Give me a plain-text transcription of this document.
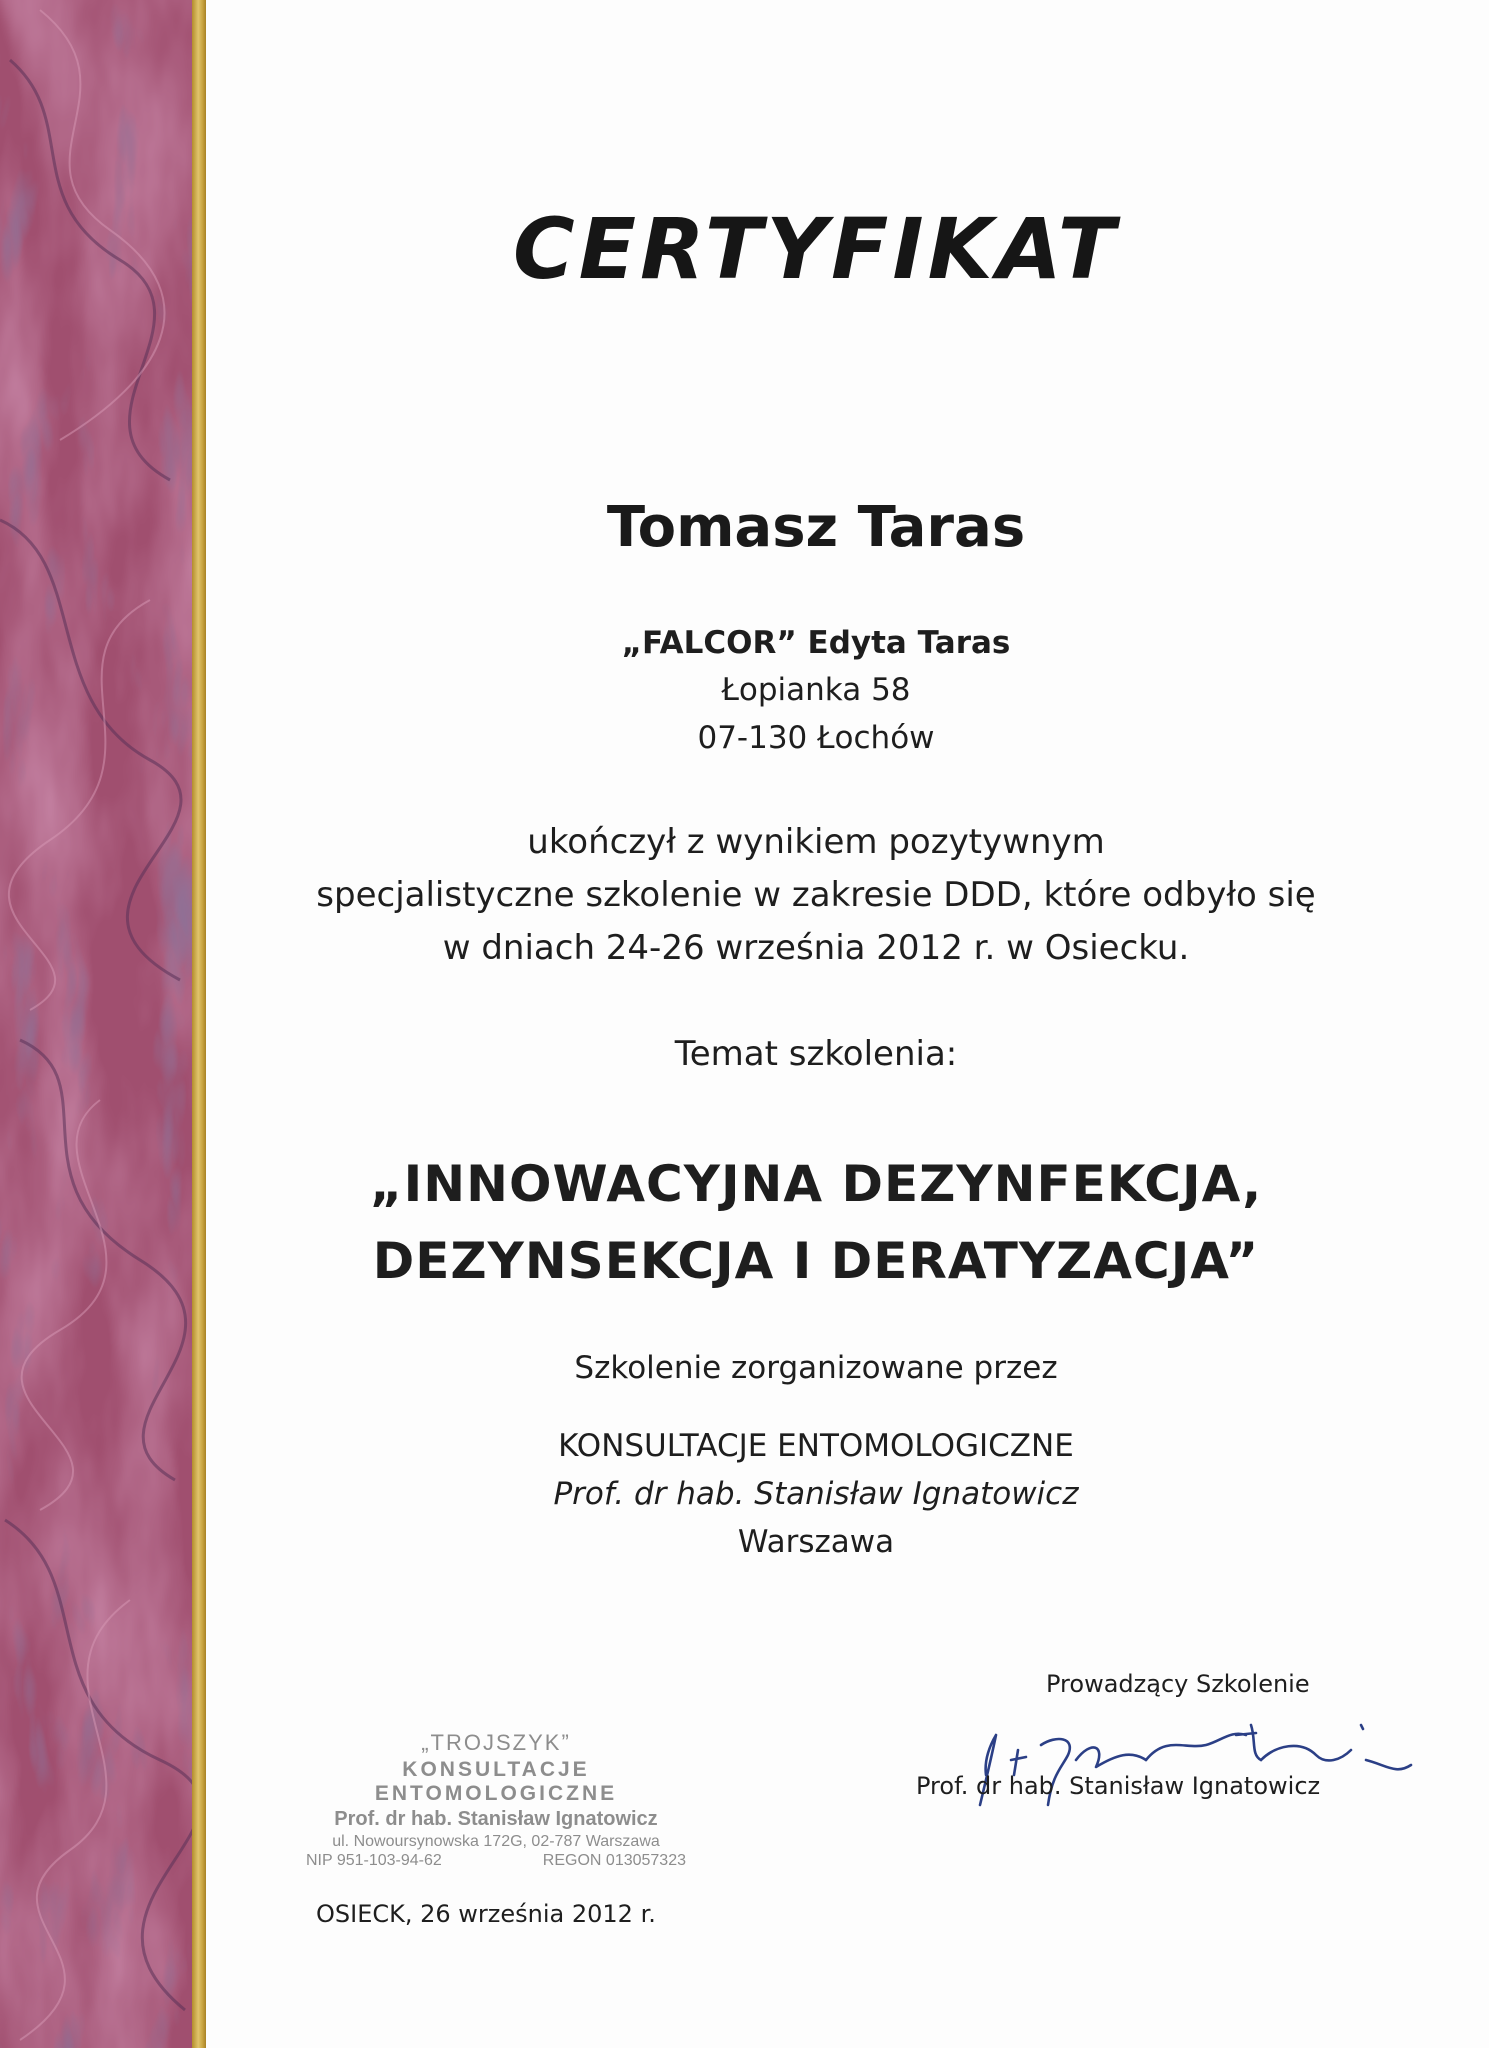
CERTYFIKAT
Tomasz Taras
„FALCOR” Edyta Taras
Łopianka 58
07-130 Łochów
ukończył z wynikiem pozytywnym
specjalistyczne szkolenie w zakresie DDD, które odbyło się
w dniach 24-26 września 2012 r. w Osiecku.
Temat szkolenia:
„INNOWACYJNA DEZYNFEKCJA,
DEZYNSEKCJA I DERATYZACJA”
Szkolenie zorganizowane przez
KONSULTACJE ENTOMOLOGICZNE
Prof. dr hab. Stanisław Ignatowicz
Warszawa
„TROJSZYK”
KONSULTACJE ENTOMOLOGICZNE
Prof. dr hab. Stanisław Ignatowicz
ul. Nowoursynowska 172G, 02-787 Warszawa
NIP 951-103-94-62	REGON 013057323
OSIECK, 26 września 2012 r.
Prowadzący Szkolenie
Prof. dr hab. Stanisław Ignatowicz
